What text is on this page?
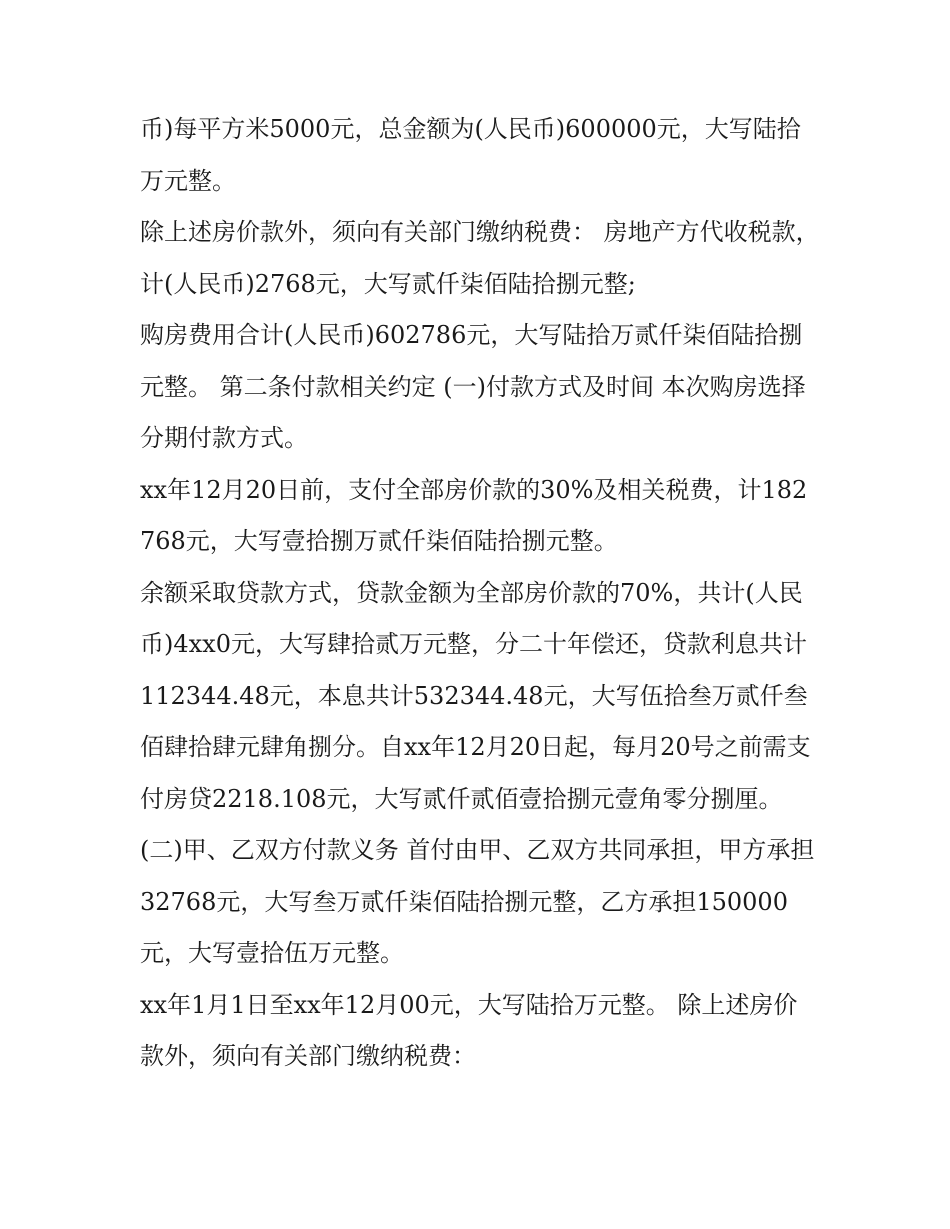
币)每平方米5000元，总金额为(人民币)600000元，大写陆拾万元整。

除上述房价款外，须向有关部门缴纳税费： 房地产方代收税款，计(人民币)2768元，大写贰仟柒佰陆拾捌元整;

购房费用合计(人民币)602786元，大写陆拾万贰仟柒佰陆拾捌元整。 第二条付款相关约定 (一)付款方式及时间 本次购房选择分期付款方式。

xx年12月20日前，支付全部房价款的30%及相关税费，计182768元，大写壹拾捌万贰仟柒佰陆拾捌元整。

余额采取贷款方式，贷款金额为全部房价款的70%，共计(人民币)4xx0元，大写肆拾贰万元整，分二十年偿还，贷款利息共计112344.48元，本息共计532344.48元，大写伍拾叁万贰仟叁佰肆拾肆元肆角捌分。自xx年12月20日起，每月20号之前需支付房贷2218.108元，大写贰仟贰佰壹拾捌元壹角零分捌厘。

(二)甲、乙双方付款义务 首付由甲、乙双方共同承担，甲方承担32768元，大写叁万贰仟柒佰陆拾捌元整，乙方承担150000元，大写壹拾伍万元整。

xx年1月1日至xx年12月00元，大写陆拾万元整。 除上述房价款外，须向有关部门缴纳税费：
